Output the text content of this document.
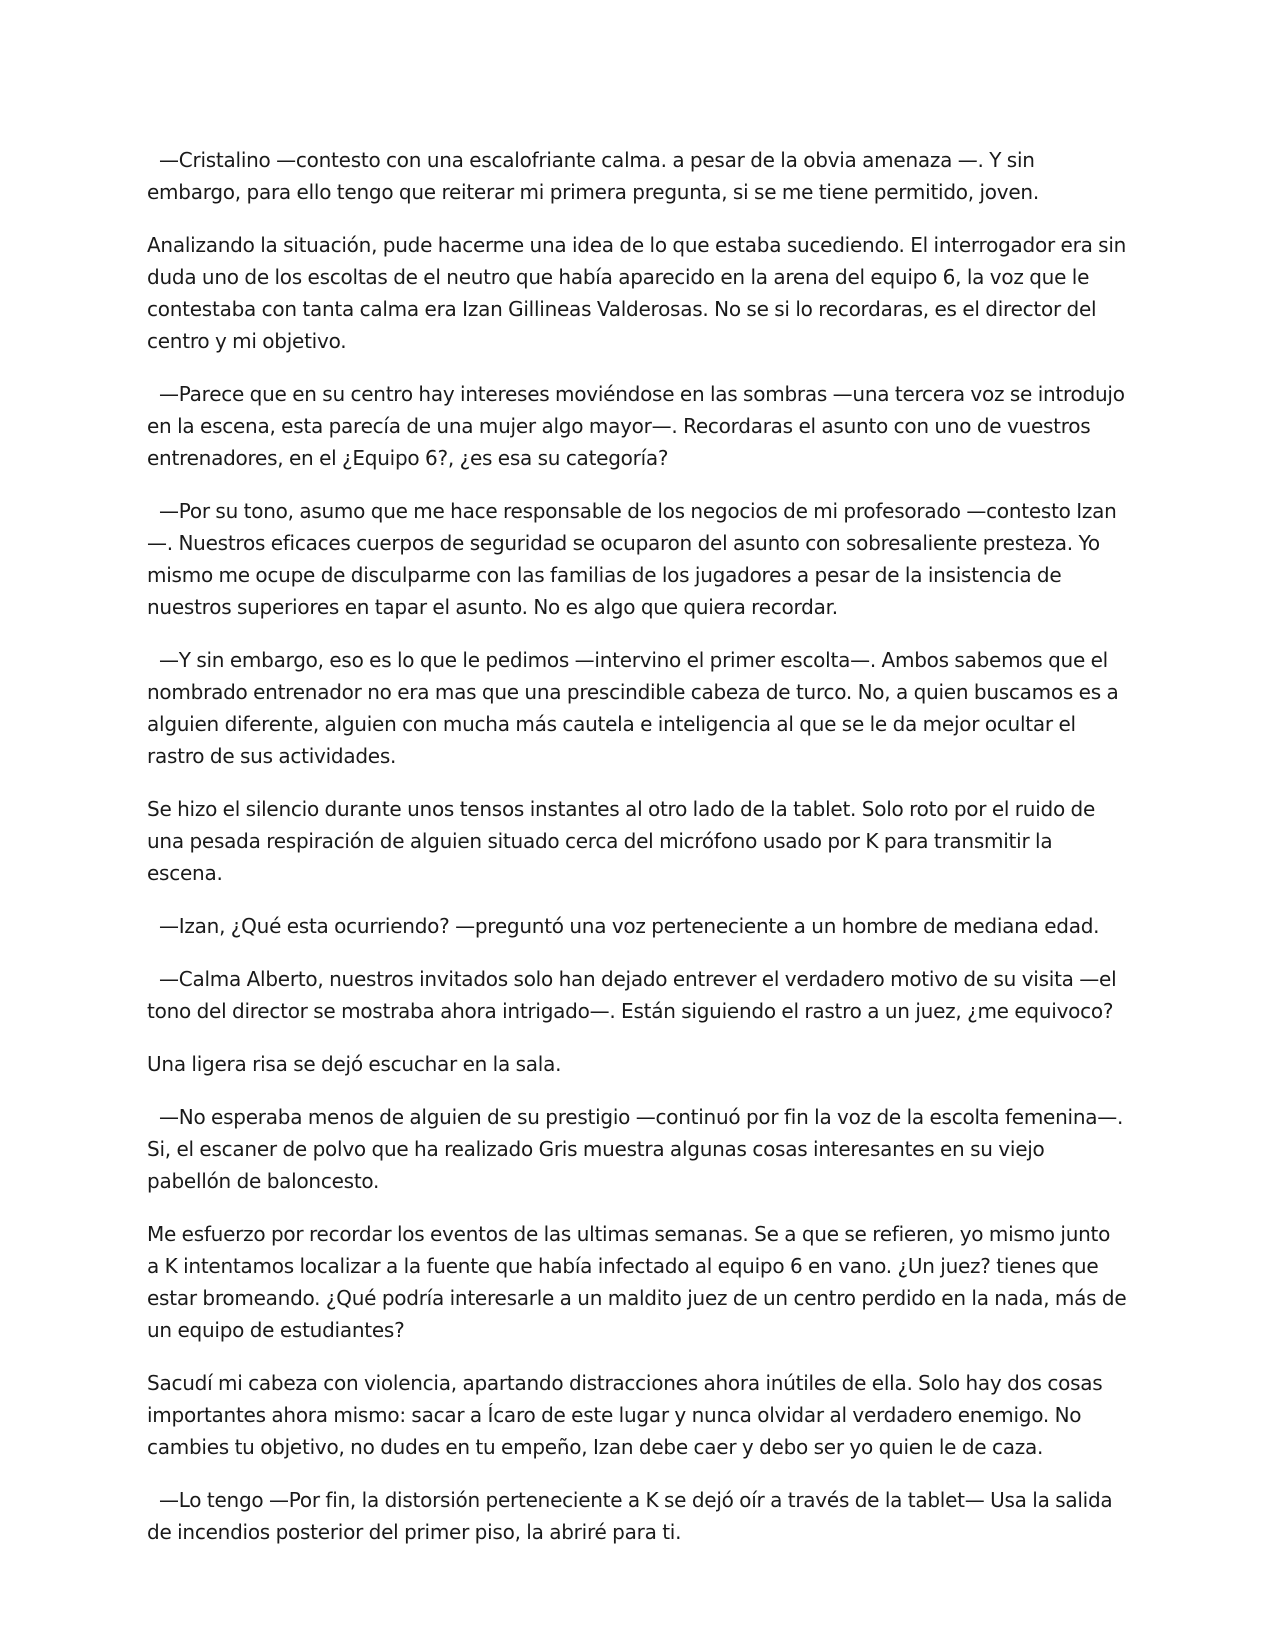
—Cristalino —contesto con una escalofriante calma. a pesar de la obvia amenaza —. Y sin embargo, para ello tengo que reiterar mi primera pregunta, si se me tiene permitido, joven.

Analizando la situación, pude hacerme una idea de lo que estaba sucediendo. El interrogador era sin duda uno de los escoltas de el neutro que había aparecido en la arena del equipo 6, la voz que le contestaba con tanta calma era Izan Gillineas Valderosas. No se si lo recordaras, es el director del centro y mi objetivo.

—Parece que en su centro hay intereses moviéndose en las sombras —una tercera voz se introdujo en la escena, esta parecía de una mujer algo mayor—. Recordaras el asunto con uno de vuestros entrenadores, en el ¿Equipo 6?, ¿es esa su categoría?

—Por su tono, asumo que me hace responsable de los negocios de mi profesorado —contesto Izan—. Nuestros eficaces cuerpos de seguridad se ocuparon del asunto con sobresaliente presteza. Yo mismo me ocupe de disculparme con las familias de los jugadores a pesar de la insistencia de nuestros superiores en tapar el asunto. No es algo que quiera recordar.

—Y sin embargo, eso es lo que le pedimos —intervino el primer escolta—. Ambos sabemos que el nombrado entrenador no era mas que una prescindible cabeza de turco. No, a quien buscamos es a alguien diferente, alguien con mucha más cautela e inteligencia al que se le da mejor ocultar el rastro de sus actividades.

Se hizo el silencio durante unos tensos instantes al otro lado de la tablet. Solo roto por el ruido de una pesada respiración de alguien situado cerca del micrófono usado por K para transmitir la escena.

—Izan, ¿Qué esta ocurriendo? —preguntó una voz perteneciente a un hombre de mediana edad.

—Calma Alberto, nuestros invitados solo han dejado entrever el verdadero motivo de su visita —el tono del director se mostraba ahora intrigado—. Están siguiendo el rastro a un juez, ¿me equivoco?

Una ligera risa se dejó escuchar en la sala.

—No esperaba menos de alguien de su prestigio —continuó por fin la voz de la escolta femenina—. Si, el escaner de polvo que ha realizado Gris muestra algunas cosas interesantes en su viejo pabellón de baloncesto.

Me esfuerzo por recordar los eventos de las ultimas semanas. Se a que se refieren, yo mismo junto a K intentamos localizar a la fuente que había infectado al equipo 6 en vano. ¿Un juez? tienes que estar bromeando. ¿Qué podría interesarle a un maldito juez de un centro perdido en la nada, más de un equipo de estudiantes?

Sacudí mi cabeza con violencia, apartando distracciones ahora inútiles de ella. Solo hay dos cosas importantes ahora mismo: sacar a Ícaro de este lugar y nunca olvidar al verdadero enemigo. No cambies tu objetivo, no dudes en tu empeño, Izan debe caer y debo ser yo quien le de caza.

—Lo tengo —Por fin, la distorsión perteneciente a K se dejó oír a través de la tablet— Usa la salida de incendios posterior del primer piso, la abriré para ti.
